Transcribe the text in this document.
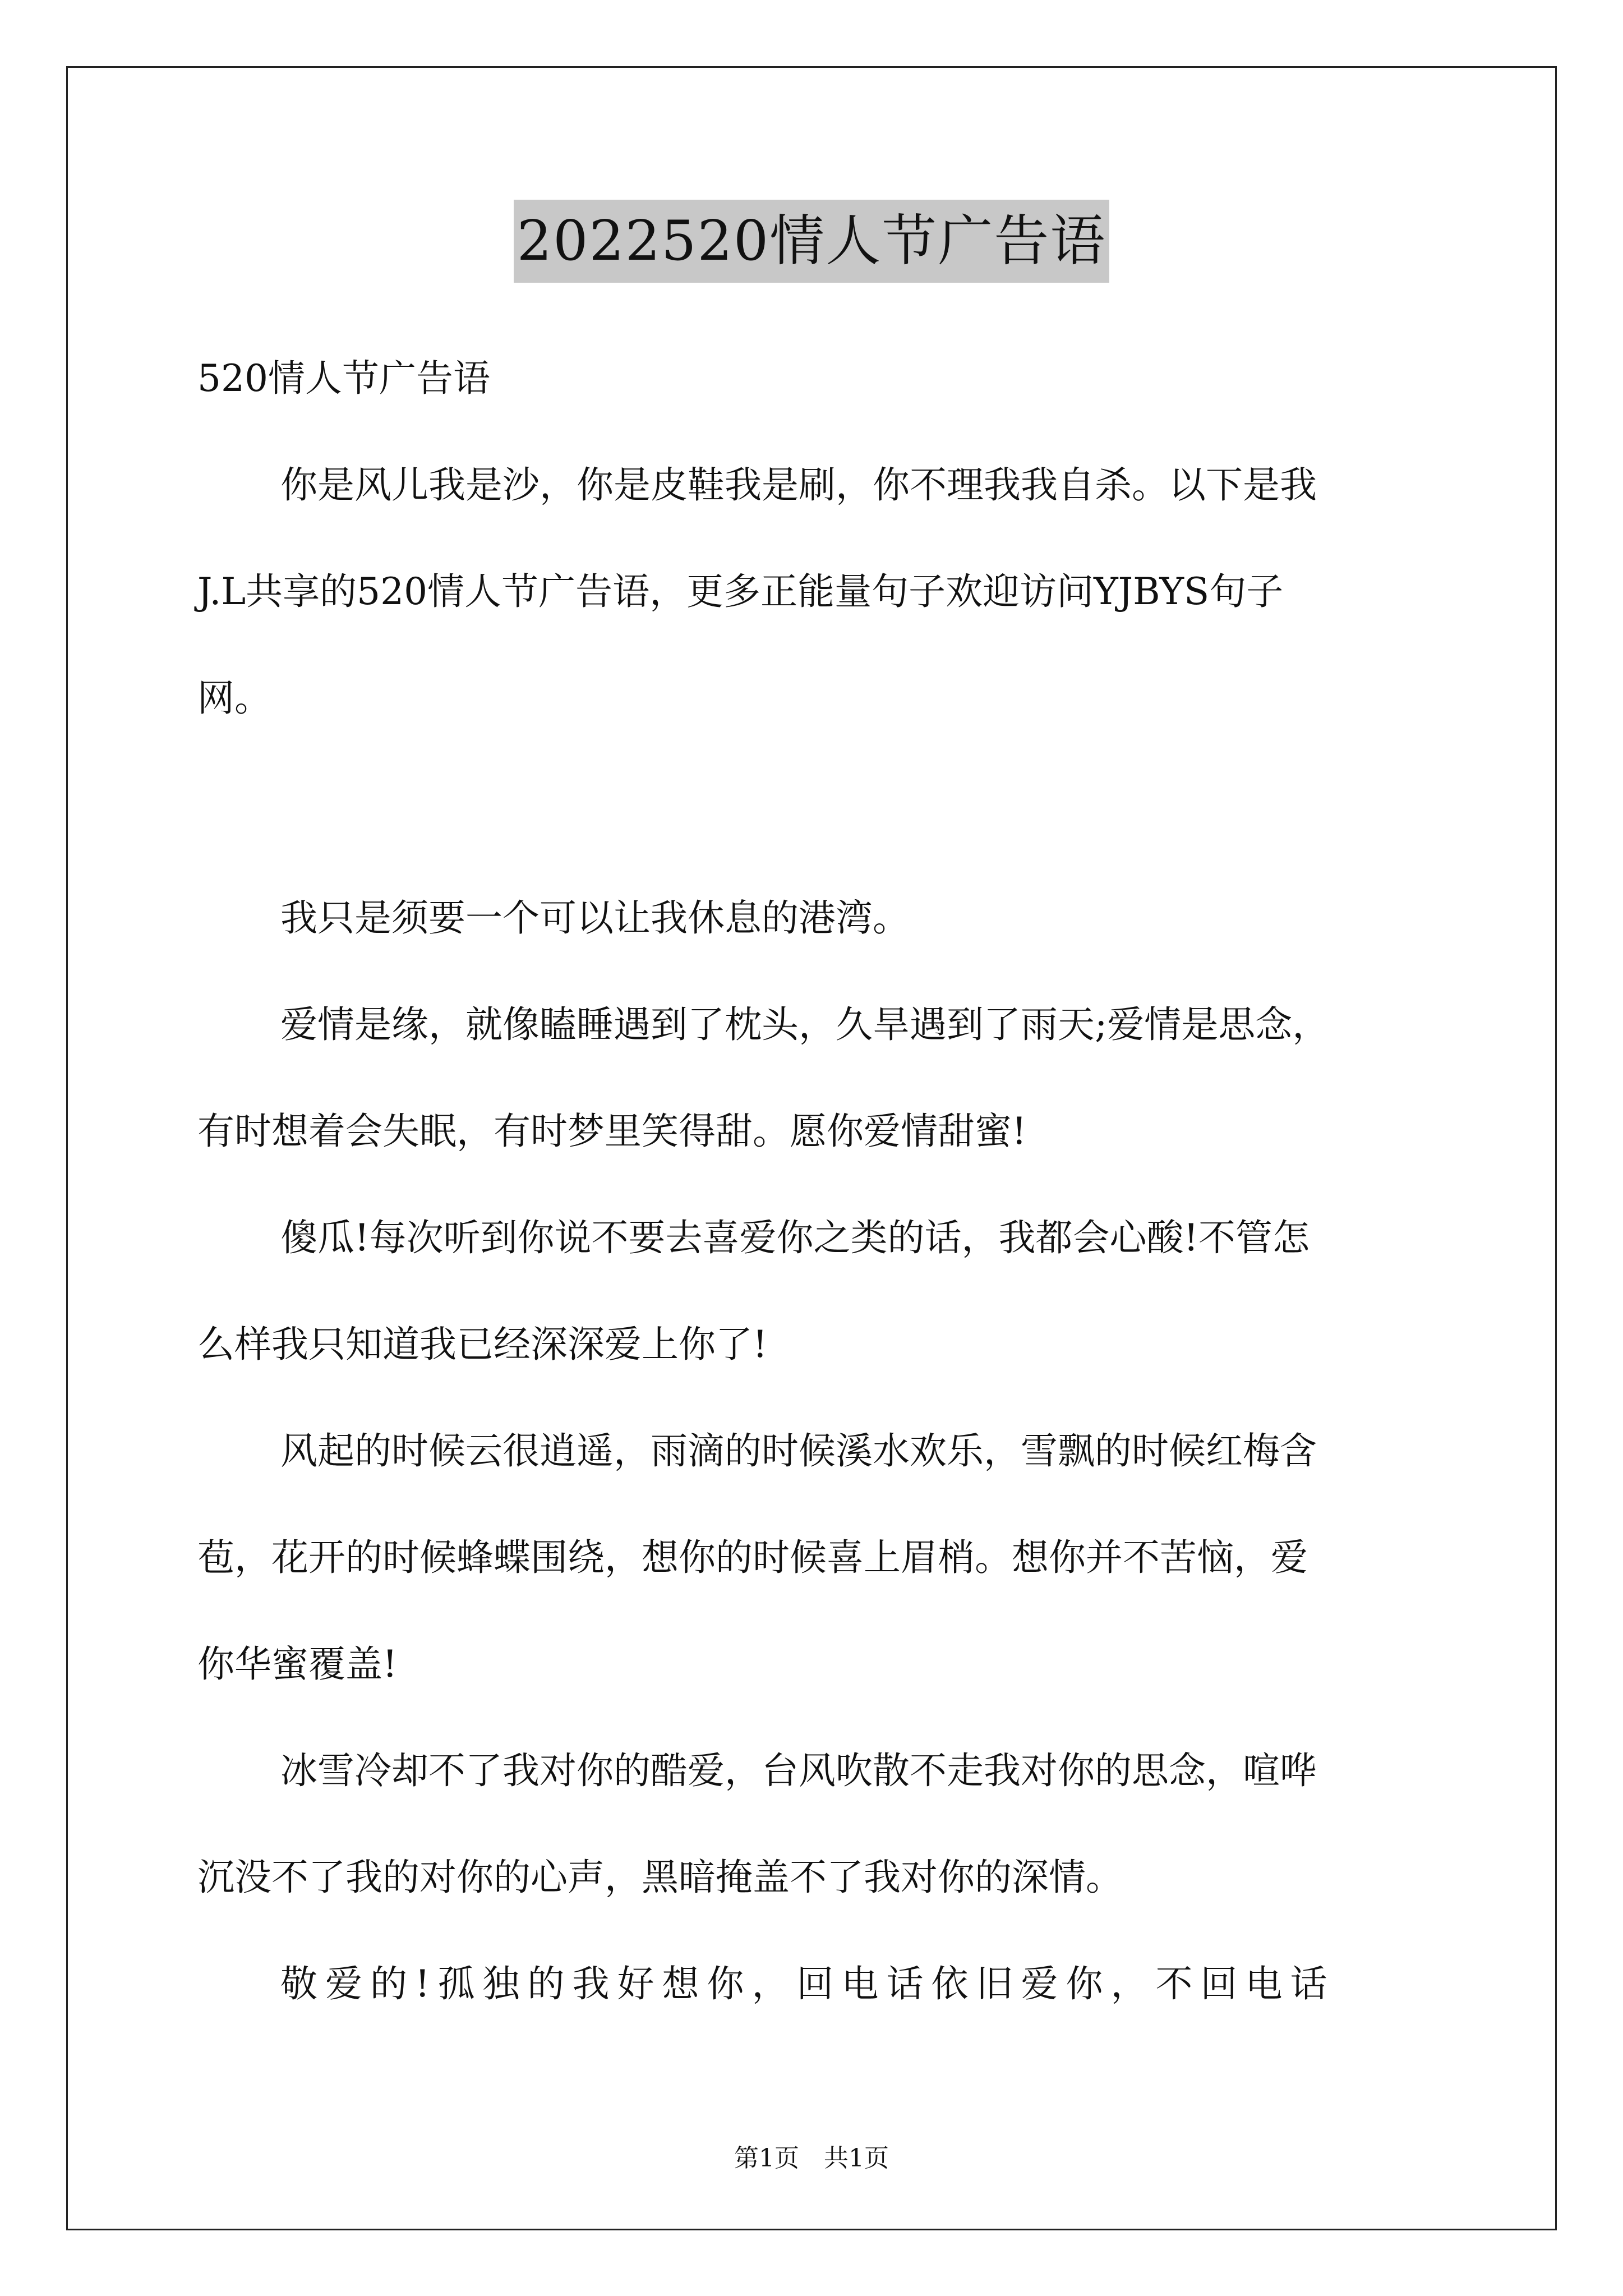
2022520情人节广告语
520情人节广告语
你是风儿我是沙，你是皮鞋我是刷，你不理我我自杀。以下是我
J.L共享的520情人节广告语，更多正能量句子欢迎访问YJBYS句子
网。
我只是须要一个可以让我休息的港湾。
爱情是缘，就像瞌睡遇到了枕头，久旱遇到了雨天;爱情是思念，
有时想着会失眠，有时梦里笑得甜。愿你爱情甜蜜!
傻瓜!每次听到你说不要去喜爱你之类的话，我都会心酸!不管怎
么样我只知道我已经深深爱上你了!
风起的时候云很逍遥，雨滴的时候溪水欢乐，雪飘的时候红梅含
苞，花开的时候蜂蝶围绕，想你的时候喜上眉梢。想你并不苦恼，爱
你华蜜覆盖!
冰雪冷却不了我对你的酷爱，台风吹散不走我对你的思念，喧哗
沉没不了我的对你的心声，黑暗掩盖不了我对你的深情。
敬爱的!孤独的我好想你，回电话依旧爱你，不回电话
第1页 共1页
